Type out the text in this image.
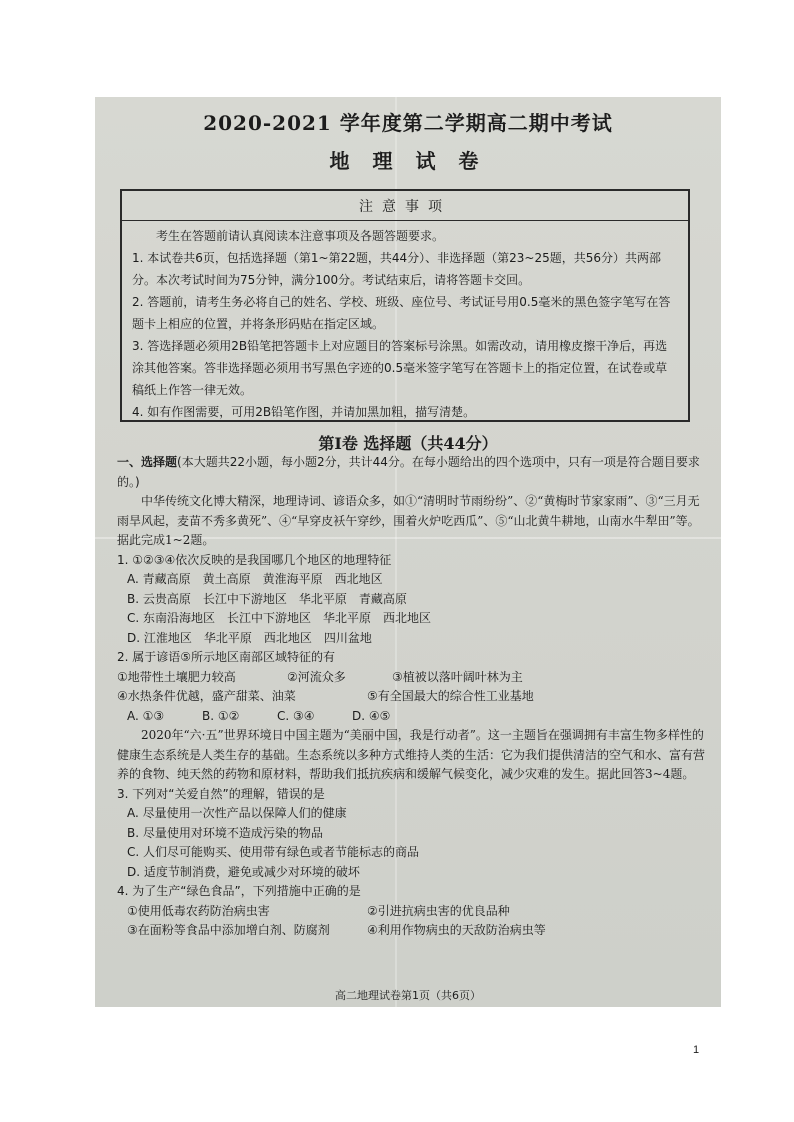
2020-2021 学年度第二学期高二期中考试
地 理 试 卷
注意事项

考生在答题前请认真阅读本注意事项及各题答题要求。

1. 本试卷共6页，包括选择题（第1~第22题，共44分）、非选择题（第23~25题，共56分）共两部分。本次考试时间为75分钟，满分100分。考试结束后，请将答题卡交回。

2. 答题前，请考生务必将自己的姓名、学校、班级、座位号、考试证号用0.5毫米的黑色签字笔写在答题卡上相应的位置，并将条形码贴在指定区域。

3. 答选择题必须用2B铅笔把答题卡上对应题目的答案标号涂黑。如需改动，请用橡皮擦干净后，再选涂其他答案。答非选择题必须用书写黑色字迹的0.5毫米签字笔写在答题卡上的指定位置，在试卷或草稿纸上作答一律无效。

4. 如有作图需要，可用2B铅笔作图，并请加黑加粗，描写清楚。

第Ⅰ卷 选择题（共44分）

一、选择题(本大题共22小题，每小题2分，共计44分。在每小题给出的四个选项中，只有一项是符合题目要求的。)

中华传统文化博大精深，地理诗词、谚语众多，如①“清明时节雨纷纷”、②“黄梅时节家家雨”、③“三月无雨旱风起，麦苗不秀多黄死”、④“早穿皮袄午穿纱，围着火炉吃西瓜”、⑤“山北黄牛耕地，山南水牛犁田”等。据此完成1~2题。

1. ①②③④依次反映的是我国哪几个地区的地理特征

A. 青藏高原　黄土高原　黄淮海平原　西北地区

B. 云贵高原　长江中下游地区　华北平原　青藏高原

C. 东南沿海地区　长江中下游地区　华北平原　西北地区

D. 江淮地区　华北平原　西北地区　四川盆地

2. 属于谚语⑤所示地区南部区域特征的有

①地带性土壤肥力较高	②河流众多	③植被以落叶阔叶林为主
④水热条件优越，盛产甜菜、油菜	⑤有全国最大的综合性工业基地
A. ①③	B. ①②	C. ③④	D. ④⑤

2020年“六·五”世界环境日中国主题为“美丽中国，我是行动者”。这一主题旨在强调拥有丰富生物多样性的健康生态系统是人类生存的基础。生态系统以多种方式维持人类的生活：它为我们提供清洁的空气和水、富有营养的食物、纯天然的药物和原材料，帮助我们抵抗疾病和缓解气候变化，减少灾难的发生。据此回答3~4题。

3. 下列对“关爱自然”的理解，错误的是

A. 尽量使用一次性产品以保障人们的健康

B. 尽量使用对环境不造成污染的物品

C. 人们尽可能购买、使用带有绿色或者节能标志的商品

D. 适度节制消费，避免或减少对环境的破坏

4. 为了生产“绿色食品”，下列措施中正确的是

①使用低毒农药防治病虫害	②引进抗病虫害的优良品种
③在面粉等食品中添加增白剂、防腐剂	④利用作物病虫的天敌防治病虫等
高二地理试卷第1页（共6页）
1
